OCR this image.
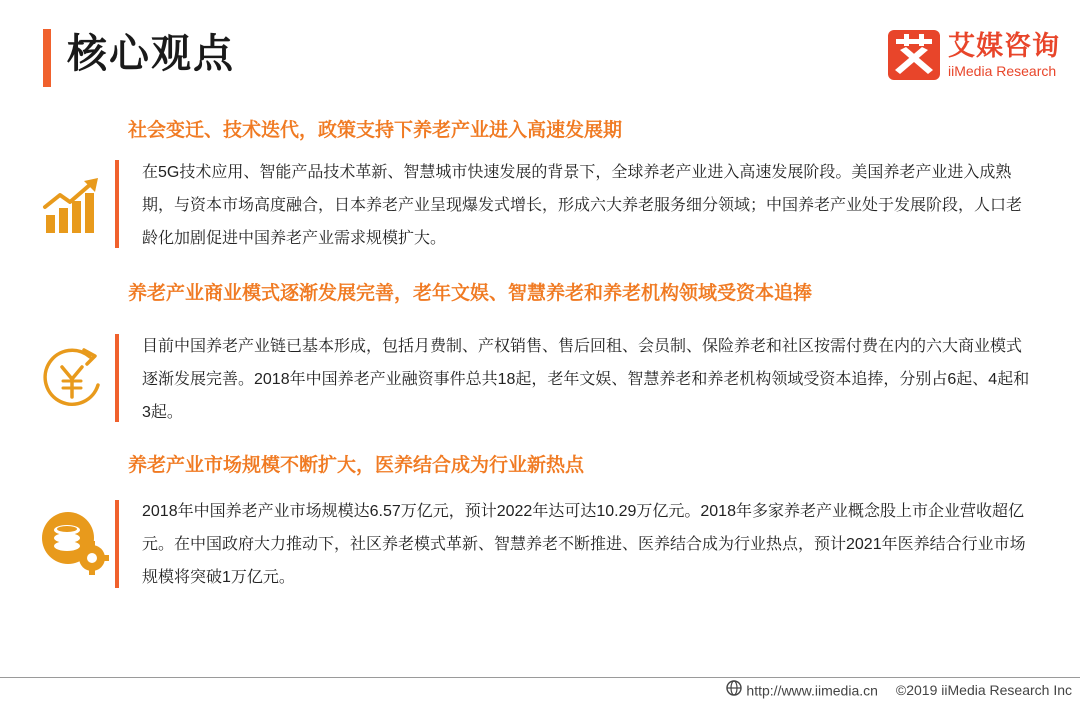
核心观点	艾媒咨询
iiMedia Research
社会变迁、技术迭代，政策支持下养老产业进入高速发展期
在5G技术应用、智能产品技术革新、智慧城市快速发展的背景下，全球养老产业进入高速发展阶段。美国养老产业进入成熟期，与资本市场高度融合，日本养老产业呈现爆发式增长，形成六大养老服务细分领域；中国养老产业处于发展阶段，人口老龄化加剧促进中国养老产业需求规模扩大。
养老产业商业模式逐渐发展完善，老年文娱、智慧养老和养老机构领域受资本追捧
目前中国养老产业链已基本形成，包括月费制、产权销售、售后回租、会员制、保险养老和社区按需付费在内的六大商业模式逐渐发展完善。2018年中国养老产业融资事件总共18起，老年文娱、智慧养老和养老机构领域受资本追捧，分别占6起、4起和3起。
养老产业市场规模不断扩大，医养结合成为行业新热点
2018年中国养老产业市场规模达6.57万亿元，预计2022年达可达10.29万亿元。2018年多家养老产业概念股上市企业营收超亿元。在中国政府大力推动下，社区养老模式革新、智慧养老不断推进、医养结合成为行业热点，预计2021年医养结合行业市场规模将突破1万亿元。
http://www.iimedia.cn ©2019 iiMedia Research Inc
